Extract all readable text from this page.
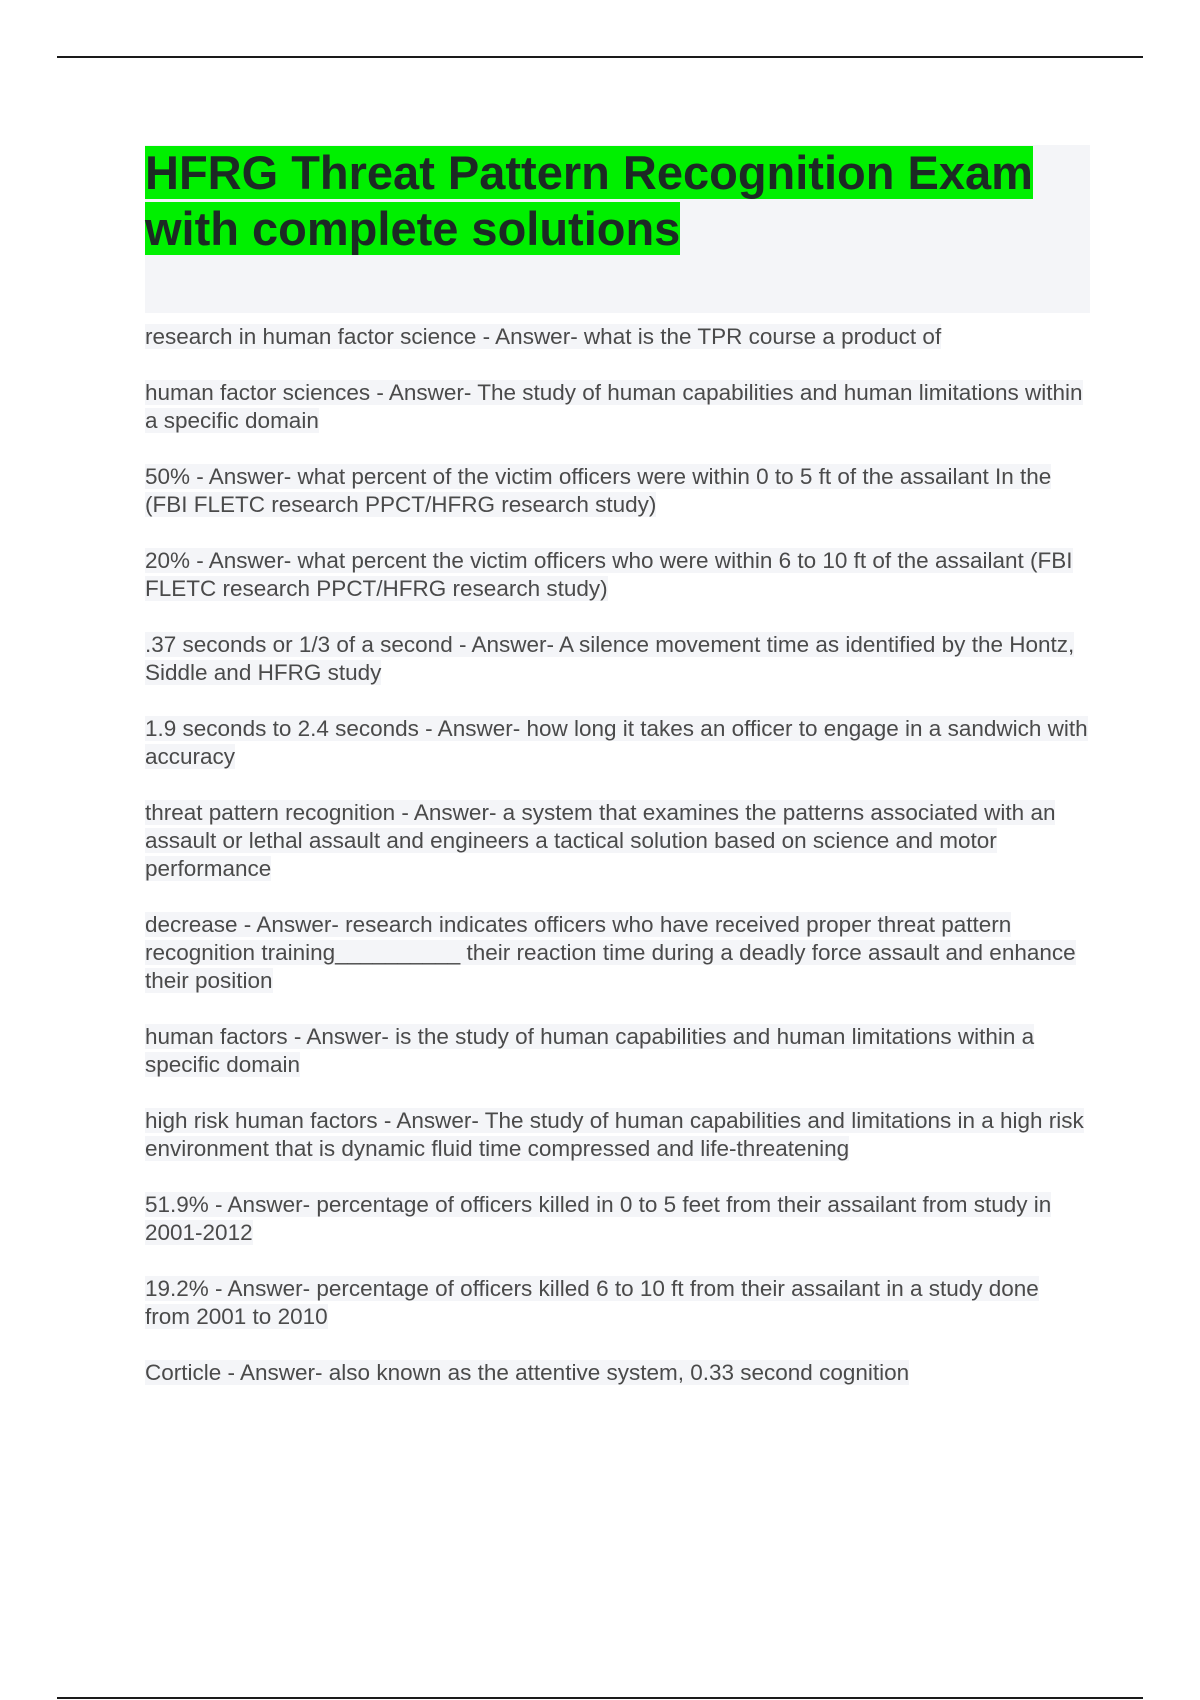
HFRG Threat Pattern Recognition Exam with complete solutions

research in human factor science - Answer- what is the TPR course a product of

human factor sciences - Answer- The study of human capabilities and human limitations within a specific domain

50% - Answer- what percent of the victim officers were within 0 to 5 ft of the assailant In the (FBI FLETC research PPCT/HFRG research study)

20% - Answer- what percent the victim officers who were within 6 to 10 ft of the assailant (FBI FLETC research PPCT/HFRG research study)

.37 seconds or 1/3 of a second - Answer- A silence movement time as identified by the Hontz, Siddle and HFRG study

1.9 seconds to 2.4 seconds - Answer- how long it takes an officer to engage in a sandwich with accuracy

threat pattern recognition - Answer- a system that examines the patterns associated with an assault or lethal assault and engineers a tactical solution based on science and motor performance

decrease - Answer- research indicates officers who have received proper threat pattern recognition training__________ their reaction time during a deadly force assault and enhance their position

human factors - Answer- is the study of human capabilities and human limitations within a specific domain

high risk human factors - Answer- The study of human capabilities and limitations in a high risk environment that is dynamic fluid time compressed and life-threatening

51.9% - Answer- percentage of officers killed in 0 to 5 feet from their assailant from study in 2001-2012

19.2% - Answer- percentage of officers killed 6 to 10 ft from their assailant in a study done from 2001 to 2010

Corticle - Answer- also known as the attentive system, 0.33 second cognition
